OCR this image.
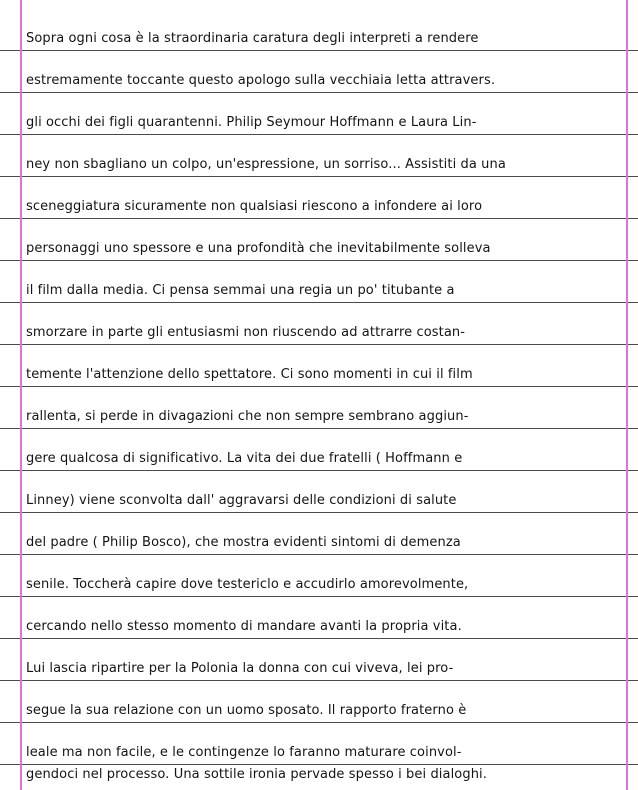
Sopra ogni cosa è la straordinaria caratura degli interpreti a rendere
estremamente toccante questo apologo sulla vecchiaia letta attravers.
gli occhi dei figli quarantenni. Philip Seymour Hoffmann e Laura Lin-
ney non sbagliano un colpo, un'espressione, un sorriso... Assistiti da una
sceneggiatura sicuramente non qualsiasi riescono a infondere ai loro
personaggi uno spessore e una profondità che inevitabilmente solleva
il film dalla media. Ci pensa semmai una regia un po' titubante a
smorzare in parte gli entusiasmi non riuscendo ad attrarre costan-
temente l'attenzione dello spettatore. Ci sono momenti in cui il film
rallenta, si perde in divagazioni che non sempre sembrano aggiun-
gere qualcosa di significativo. La vita dei due fratelli ( Hoffmann e
Linney) viene sconvolta dall' aggravarsi delle condizioni di salute
del padre ( Philip Bosco), che mostra evidenti sintomi di demenza
senile. Toccherà capire dove testericlo e accudirlo amorevolmente,
cercando nello stesso momento di mandare avanti la propria vita.
Lui lascia ripartire per la Polonia la donna con cui viveva, lei pro-
segue la sua relazione con un uomo sposato. Il rapporto fraterno è
leale ma non facile, e le contingenze lo faranno maturare coinvol-
gendoci nel processo. Una sottile ironia pervade spesso i bei dialoghi.
